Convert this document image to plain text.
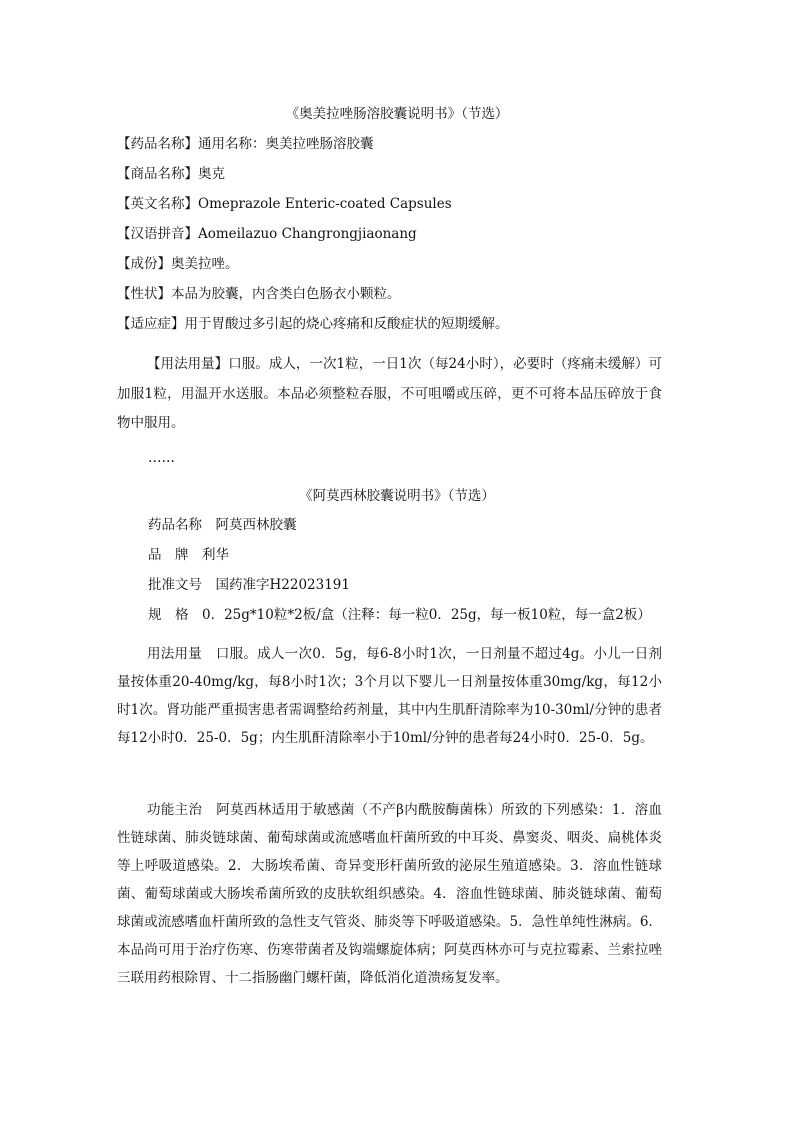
《奥美拉唑肠溶胶囊说明书》（节选）

【药品名称】通用名称：奥美拉唑肠溶胶囊

【商品名称】奥克

【英文名称】Omeprazole Enteric-coated Capsules

【汉语拼音】Aomeilazuo Changrongjiaonang

【成份】奥美拉唑。

【性状】本品为胶囊，内含类白色肠衣小颗粒。

【适应症】用于胃酸过多引起的烧心疼痛和反酸症状的短期缓解。

【用法用量】口服。成人，一次1粒，一日1次（每24小时），必要时（疼痛未缓解）可加服1粒，用温开水送服。本品必须整粒吞服，不可咀嚼或压碎，更不可将本品压碎放于食物中服用。

……
《阿莫西林胶囊说明书》（节选）

药品名称　 阿莫西林胶囊

品　牌　 利华

批准文号　 国药准字H22023191

规　格　 0．25g*10粒*2板/盒（注释：每一粒0．25g，每一板10粒，每一盒2板）

用法用量　 口服。成人一次0．5g，每6-8小时1次，一日剂量不超过4g。小儿一日剂量按体重20-40mg/kg，每8小时1次；3个月以下婴儿一日剂量按体重30mg/kg，每12小时1次。肾功能严重损害患者需调整给药剂量，其中内生肌酐清除率为10-30ml/分钟的患者每12小时0．25-0．5g；内生肌酐清除率小于10ml/分钟的患者每24小时0．25-0．5g。

功能主治　 阿莫西林适用于敏感菌（不产β内酰胺酶菌株）所致的下列感染：1．溶血性链球菌、肺炎链球菌、葡萄球菌或流感嗜血杆菌所致的中耳炎、鼻窦炎、咽炎、扁桃体炎等上呼吸道感染。2．大肠埃希菌、奇异变形杆菌所致的泌尿生殖道感染。3．溶血性链球菌、葡萄球菌或大肠埃希菌所致的皮肤软组织感染。4．溶血性链球菌、肺炎链球菌、葡萄球菌或流感嗜血杆菌所致的急性支气管炎、肺炎等下呼吸道感染。5．急性单纯性淋病。6．本品尚可用于治疗伤寒、伤寒带菌者及钩端螺旋体病；阿莫西林亦可与克拉霉素、兰索拉唑三联用药根除胃、十二指肠幽门螺杆菌，降低消化道溃疡复发率。
